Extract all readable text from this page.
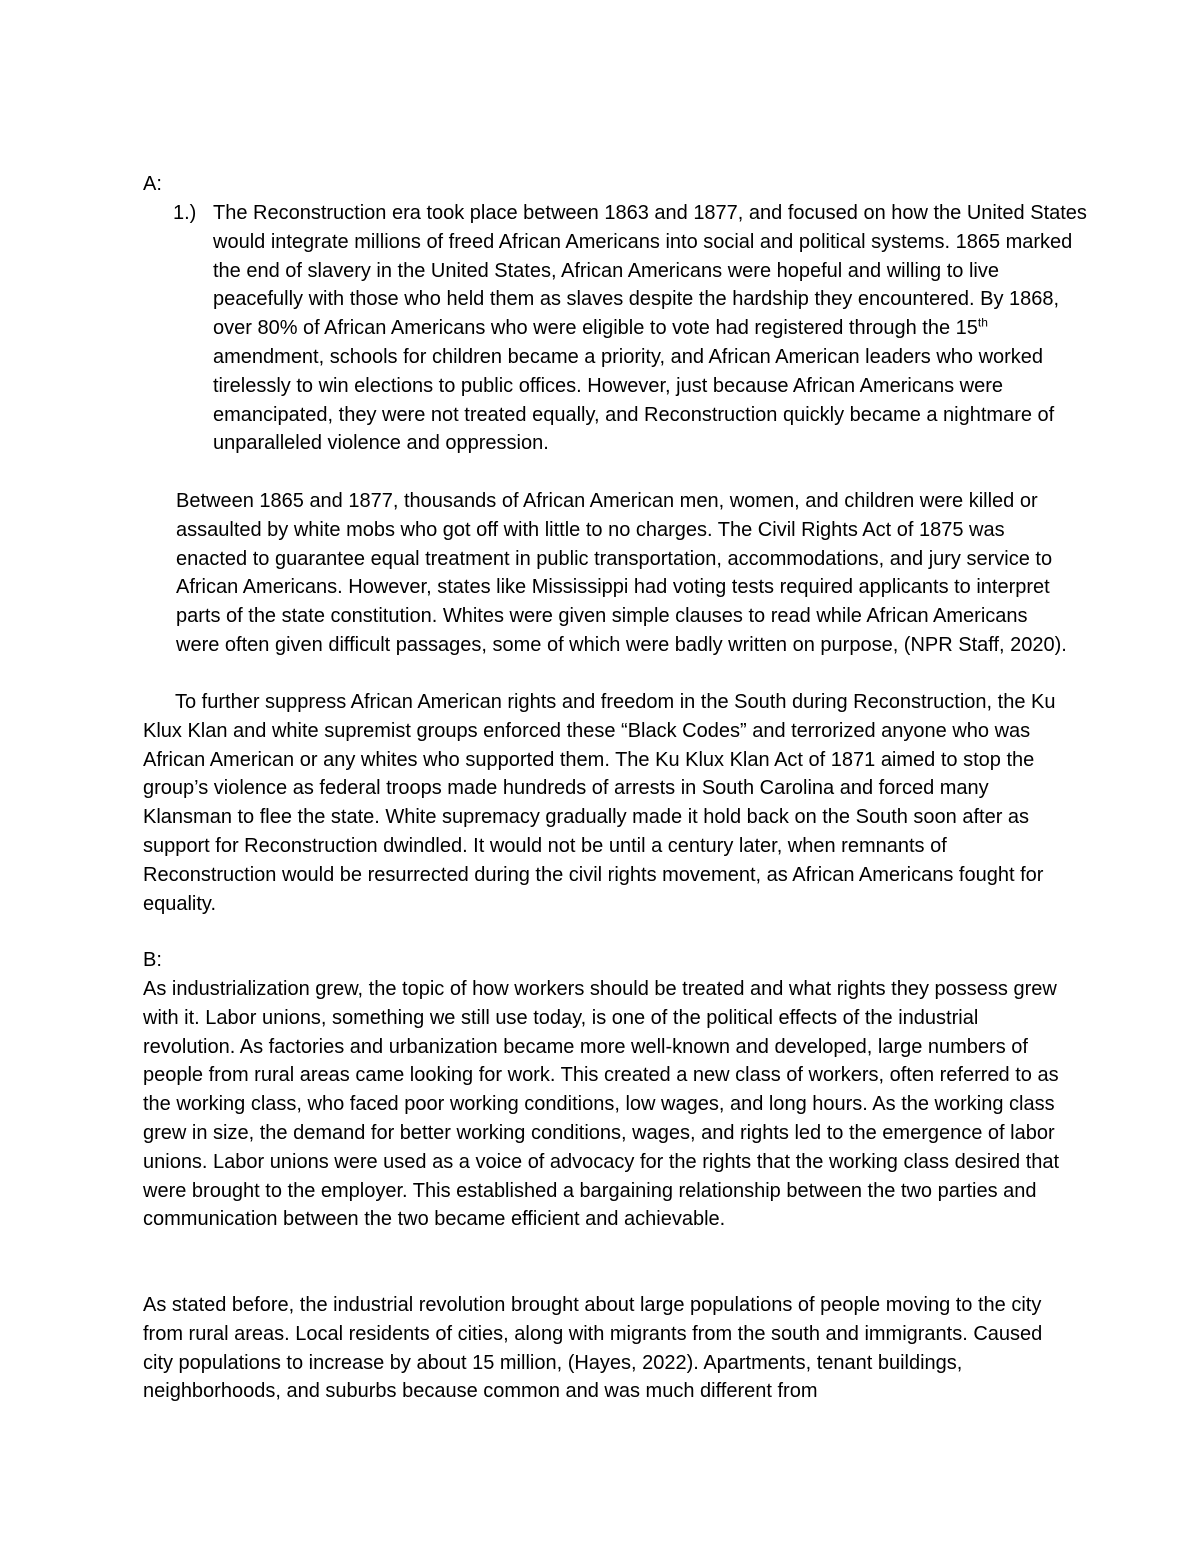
A:
1.) The Reconstruction era took place between 1863 and 1877, and focused on how the United States would integrate millions of freed African Americans into social and political systems. 1865 marked the end of slavery in the United States, African Americans were hopeful and willing to live peacefully with those who held them as slaves despite the hardship they encountered. By 1868, over 80% of African Americans who were eligible to vote had registered through the 15th amendment, schools for children became a priority, and African American leaders who worked tirelessly to win elections to public offices. However, just because African Americans were emancipated, they were not treated equally, and Reconstruction quickly became a nightmare of unparalleled violence and oppression.

Between 1865 and 1877, thousands of African American men, women, and children were killed or assaulted by white mobs who got off with little to no charges. The Civil Rights Act of 1875 was enacted to guarantee equal treatment in public transportation, accommodations, and jury service to African Americans. However, states like Mississippi had voting tests required applicants to interpret parts of the state constitution. Whites were given simple clauses to read while African Americans were often given difficult passages, some of which were badly written on purpose, (NPR Staff, 2020).

To further suppress African American rights and freedom in the South during Reconstruction, the Ku Klux Klan and white supremist groups enforced these “Black Codes” and terrorized anyone who was African American or any whites who supported them. The Ku Klux Klan Act of 1871 aimed to stop the group’s violence as federal troops made hundreds of arrests in South Carolina and forced many Klansman to flee the state. White supremacy gradually made it hold back on the South soon after as support for Reconstruction dwindled. It would not be until a century later, when remnants of Reconstruction would be resurrected during the civil rights movement, as African Americans fought for equality.

B:

As industrialization grew, the topic of how workers should be treated and what rights they possess grew with it. Labor unions, something we still use today, is one of the political effects of the industrial revolution. As factories and urbanization became more well-known and developed, large numbers of people from rural areas came looking for work. This created a new class of workers, often referred to as the working class, who faced poor working conditions, low wages, and long hours. As the working class grew in size, the demand for better working conditions, wages, and rights led to the emergence of labor unions. Labor unions were used as a voice of advocacy for the rights that the working class desired that were brought to the employer. This established a bargaining relationship between the two parties and communication between the two became efficient and achievable.

As stated before, the industrial revolution brought about large populations of people moving to the city from rural areas. Local residents of cities, along with migrants from the south and immigrants. Caused city populations to increase by about 15 million, (Hayes, 2022). Apartments, tenant buildings, neighborhoods, and suburbs because common and was much different from
